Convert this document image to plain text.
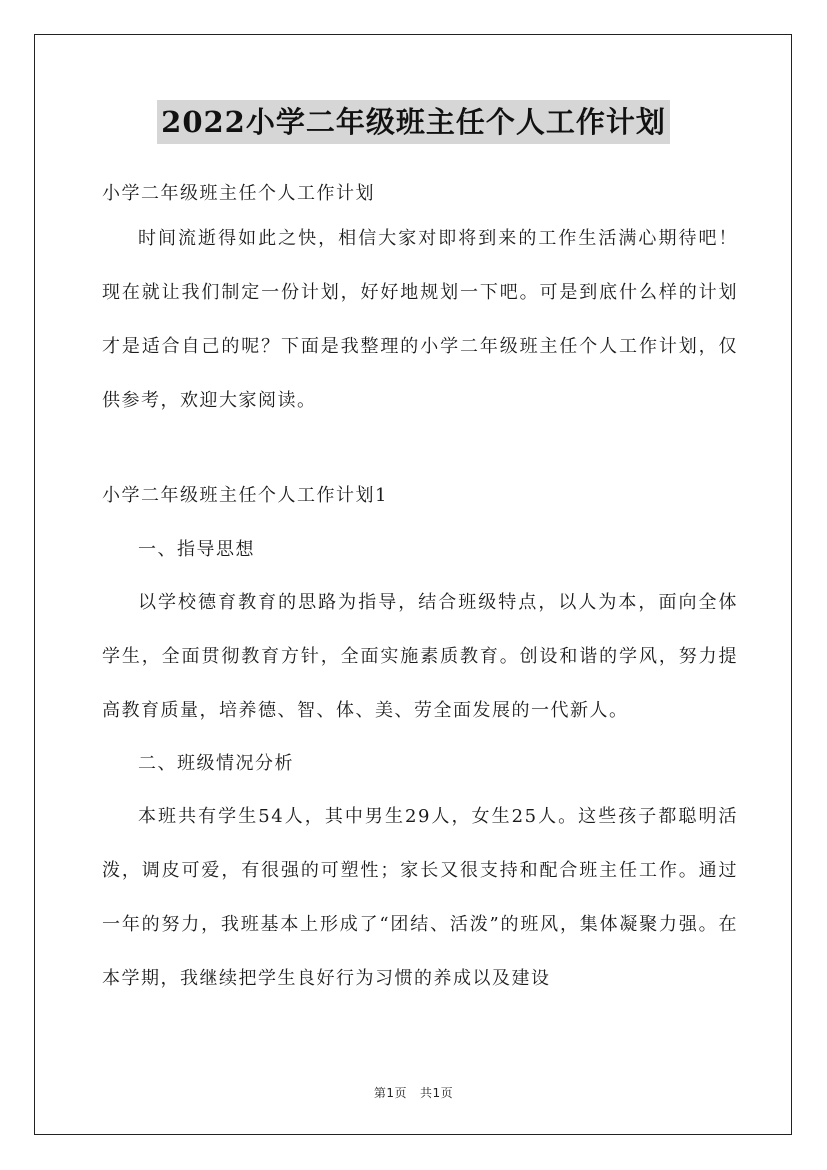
2022小学二年级班主任个人工作计划
小学二年级班主任个人工作计划

时间流逝得如此之快，相信大家对即将到来的工作生活满心期待吧！现在就让我们制定一份计划，好好地规划一下吧。可是到底什么样的计划才是适合自己的呢？下面是我整理的小学二年级班主任个人工作计划，仅供参考，欢迎大家阅读。

小学二年级班主任个人工作计划1
一、指导思想

以学校德育教育的思路为指导，结合班级特点，以人为本，面向全体学生，全面贯彻教育方针，全面实施素质教育。创设和谐的学风，努力提高教育质量，培养德、智、体、美、劳全面发展的一代新人。

二、班级情况分析

本班共有学生54人，其中男生29人，女生25人。这些孩子都聪明活泼，调皮可爱，有很强的可塑性；家长又很支持和配合班主任工作。通过一年的努力，我班基本上形成了“团结、活泼”的班风，集体凝聚力强。在本学期，我继续把学生良好行为习惯的养成以及建设

第1页 共1页
